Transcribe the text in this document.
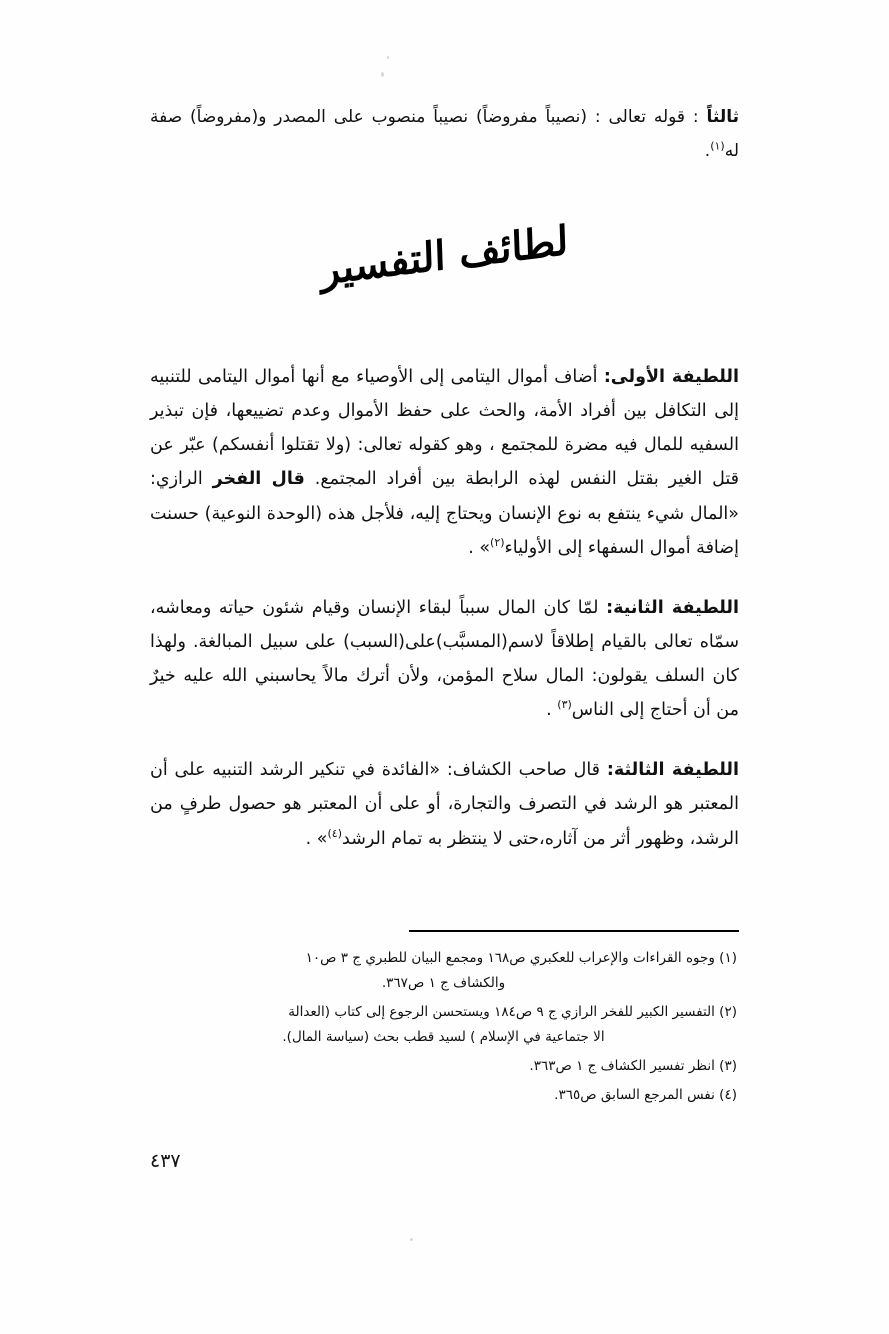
ثالثاً : قوله تعالى : (نصيباً مفروضاً) نصيباً منصوب على المصدر و(مفروضاً) صفة له$^{(١)}$.

لطائف التفسير

اللطيفة الأولى: أضاف أموال اليتامى إلى الأوصياء مع أنها أموال اليتامى للتنبيه إلى التكافل بين أفراد الأمة، والحث على حفظ الأموال وعدم تضييعها، فإن تبذير السفيه للمال فيه مضرة للمجتمع ، وهو كقوله تعالى: (ولا تقتلوا أنفسكم) عبّر عن قتل الغير بقتل النفس لهذه الرابطة بين أفراد المجتمع. قال الفخر الرازي: «المال شيء ينتفع به نوع الإنسان ويحتاج إليه، فلأجل هذه (الوحدة النوعية) حسنت إضافة أموال السفهاء إلى الأولياء$^{(٢)}$» .

اللطيفة الثانية: لمّا كان المال سبباً لبقاء الإنسان وقيام شئون حياته ومعاشه، سمّاه تعالى بالقيام إطلاقاً لاسم(المسبَّب)على(السبب) على سبيل المبالغة. ولهذا كان السلف يقولون: المال سلاح المؤمن، ولأن أترك مالاً يحاسبني الله عليه خيرٌ من أن أحتاج إلى الناس$^{(٣)}$ .

اللطيفة الثالثة: قال صاحب الكشاف: «الفائدة في تنكير الرشد التنبيه على أن المعتبر هو الرشد في التصرف والتجارة، أو على أن المعتبر هو حصول طرفٍ من الرشد، وظهور أثر من آثاره،حتى لا ينتظر به تمام الرشد$^{(٤)}$» .

(١) وجوه القراءات والإعراب للعكبري ص١٦٨ ومجمع البيان للطبري ج ٣ ص١٠
والكشاف ج ١ ص٣٦٧.

(٢) التفسير الكبير للفخر الرازي ج ٩ ص١٨٤ ويستحسن الرجوع إلى كتاب (العدالة
الا جتماعية في الإسلام ) لسيد قطب بحث (سياسة المال).

(٣) انظر تفسير الكشاف ج ١ ص٣٦٣.

(٤) نفس المرجع السابق ص٣٦٥.

٤٣٧
